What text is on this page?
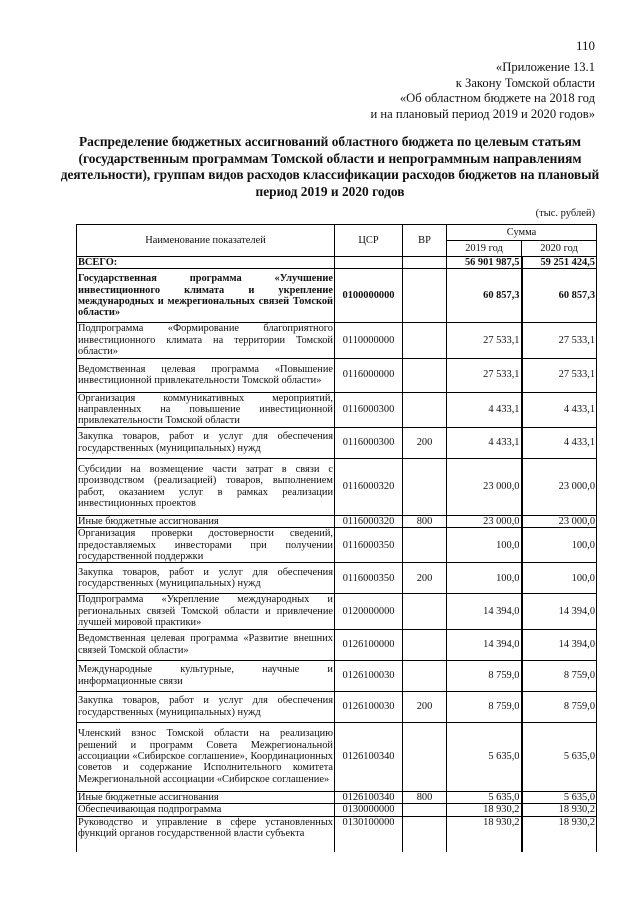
110
«Приложение 13.1
к Закону Томской области
«Об областном бюджете на 2018 год
и на плановый период 2019 и 2020 годов»
Распределение бюджетных ассигнований областного бюджета по целевым статьям (государственным программам Томской области и непрограммным направлениям деятельности), группам видов расходов классификации расходов бюджетов на плановый период 2019 и 2020 годов
(тыс. рублей)
Наименование показателей	ЦСР	ВР	Сумма	
			2019 год	2020 год
ВСЕГО:			56 901 987,5	59 251 424,5
Государственная программа «Улучшение инвестиционного климата и укрепление международных и межрегиональных связей Томской области»	0100000000		60 857,3	60 857,3
Подпрограмма «Формирование благоприятного инвестиционного климата на территории Томской области»	0110000000		27 533,1	27 533,1
Ведомственная целевая программа «Повышение инвестиционной привлекательности Томской области»	0116000000		27 533,1	27 533,1
Организация коммуникативных мероприятий, направленных на повышение инвестиционной привлекательности Томской области	0116000300		4 433,1	4 433,1
Закупка товаров, работ и услуг для обеспечения государственных (муниципальных) нужд	0116000300	200	4 433,1	4 433,1
Субсидии на возмещение части затрат в связи с производством (реализацией) товаров, выполнением работ, оказанием услуг в рамках реализации инвестиционных проектов	0116000320		23 000,0	23 000,0
Иные бюджетные ассигнования	0116000320	800	23 000,0	23 000,0
Организация проверки достоверности сведений, предоставляемых инвесторами при получении государственной поддержки	0116000350		100,0	100,0
Закупка товаров, работ и услуг для обеспечения государственных (муниципальных) нужд	0116000350	200	100,0	100,0
Подпрограмма «Укрепление международных и региональных связей Томской области и привлечение лучшей мировой практики»	0120000000		14 394,0	14 394,0
Ведомственная целевая программа «Развитие внешних связей Томской области»	0126100000		14 394,0	14 394,0
Международные культурные, научные и информационные связи	0126100030		8 759,0	8 759,0
Закупка товаров, работ и услуг для обеспечения государственных (муниципальных) нужд	0126100030	200	8 759,0	8 759,0
Членский взнос Томской области на реализацию решений и программ Совета Межрегиональной ассоциации «Сибирское соглашение», Координационных советов и содержание Исполнительного комитета Межрегиональной ассоциации «Сибирское соглашение»	0126100340		5 635,0	5 635,0
Иные бюджетные ассигнования	0126100340	800	5 635,0	5 635,0
Обеспечивающая подпрограмма	0130000000		18 930,2	18 930,2
Руководство и управление в сфере установленных функций органов государственной власти субъекта	0130100000		18 930,2	18 930,2
